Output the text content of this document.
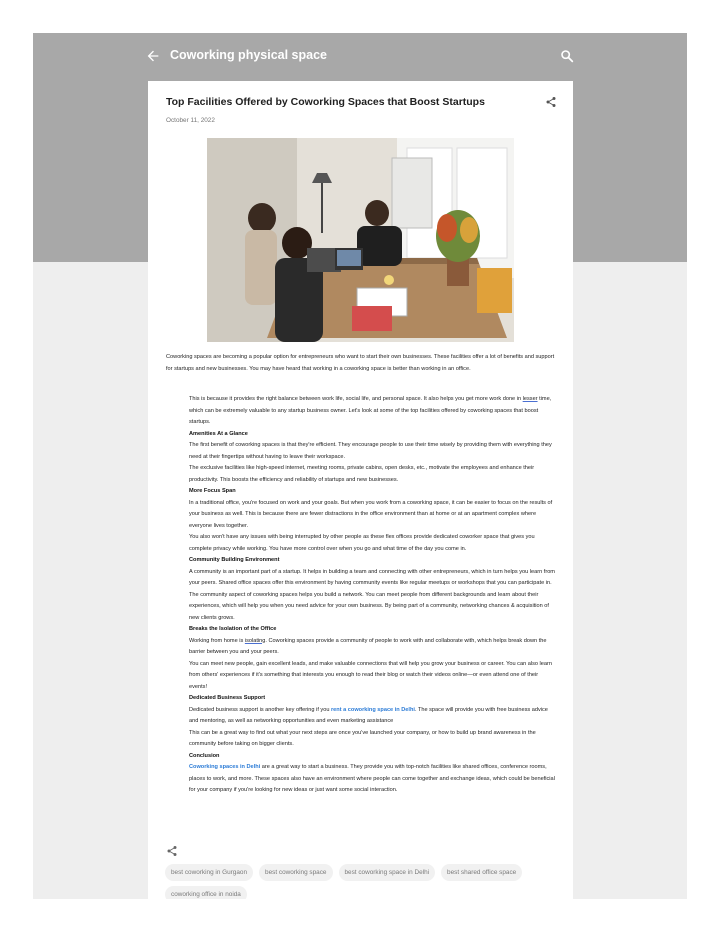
Coworking physical space
Top Facilities Offered by Coworking Spaces that Boost Startups
October 11, 2022
Coworking spaces are becoming a popular option for entrepreneurs who want to start their own businesses. These facilities offer a lot of benefits and support for startups and new businesses. You may have heard that working in a coworking space is better than working in an office.

This is because it provides the right balance between work life, social life, and personal space. It also helps you get more work done in lesser time, which can be extremely valuable to any startup business owner. Let's look at some of the top facilities offered by coworking spaces that boost startups.

Amenities At a Glance

The first benefit of coworking spaces is that they're efficient. They encourage people to use their time wisely by providing them with everything they need at their fingertips without having to leave their workspace.

The exclusive facilities like high-speed internet, meeting rooms, private cabins, open desks, etc., motivate the employees and enhance their productivity. This boosts the efficiency and reliability of startups and new businesses.

More Focus Span

In a traditional office, you're focused on work and your goals. But when you work from a coworking space, it can be easier to focus on the results of your business as well. This is because there are fewer distractions in the office environment than at home or at an apartment complex where everyone lives together.

You also won't have any issues with being interrupted by other people as these flex offices provide dedicated coworker space that gives you complete privacy while working. You have more control over when you go and what time of the day you come in.

Community Building Environment

A community is an important part of a startup. It helps in building a team and connecting with other entrepreneurs, which in turn helps you learn from your peers. Shared office spaces offer this environment by having community events like regular meetups or workshops that you can participate in.

The community aspect of coworking spaces helps you build a network. You can meet people from different backgrounds and learn about their experiences, which will help you when you need advice for your own business. By being part of a community, networking chances & acquisition of new clients grows.

Breaks the Isolation of the Office

Working from home is isolating. Coworking spaces provide a community of people to work with and collaborate with, which helps break down the barrier between you and your peers.

You can meet new people, gain excellent leads, and make valuable connections that will help you grow your business or career. You can also learn from others' experiences if it's something that interests you enough to read their blog or watch their videos online—or even attend one of their events!

Dedicated Business Support

Dedicated business support is another key offering if you rent a coworking space in Delhi. The space will provide you with free business advice and mentoring, as well as networking opportunities and even marketing assistance

This can be a great way to find out what your next steps are once you've launched your company, or how to build up brand awareness in the community before taking on bigger clients.

Conclusion

Coworking spaces in Delhi are a great way to start a business. They provide you with top-notch facilities like shared offices, conference rooms, places to work, and more. These spaces also have an environment where people can come together and exchange ideas, which could be beneficial for your company if you're looking for new ideas or just want some social interaction.

best coworking in Gurgaon	best coworking space	best coworking space in Delhi	best shared office space
coworking office in noida
